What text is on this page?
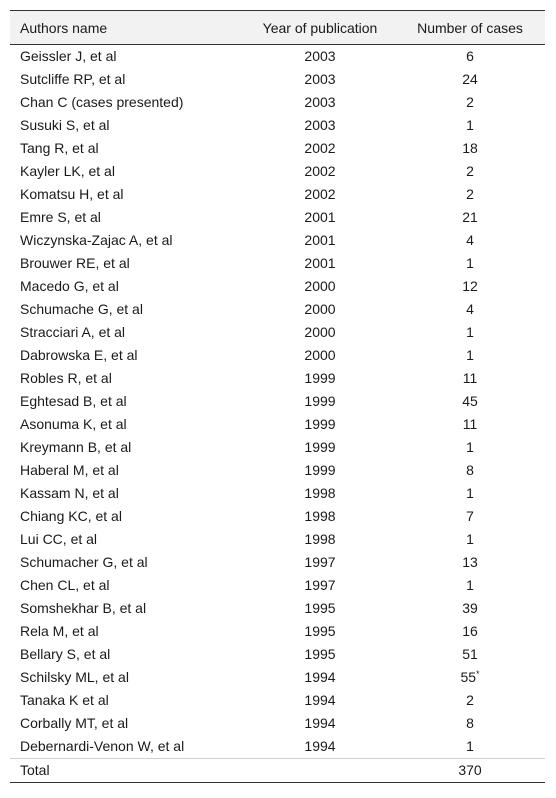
Authors name	Year of publication	Number of cases
Geissler J, et al	2003	6
Sutcliffe RP, et al	2003	24
Chan C (cases presented)	2003	2
Susuki S, et al	2003	1
Tang R, et al	2002	18
Kayler LK, et al	2002	2
Komatsu H, et al	2002	2
Emre S, et al	2001	21
Wiczynska-Zajac A, et al	2001	4
Brouwer RE, et al	2001	1
Macedo G, et al	2000	12
Schumache G, et al	2000	4
Stracciari A, et al	2000	1
Dabrowska E, et al	2000	1
Robles R, et al	1999	11
Eghtesad B, et al	1999	45
Asonuma K, et al	1999	11
Kreymann B, et al	1999	1
Haberal M, et al	1999	8
Kassam N, et al	1998	1
Chiang KC, et al	1998	7
Lui CC, et al	1998	1
Schumacher G, et al	1997	13
Chen CL, et al	1997	1
Somshekhar B, et al	1995	39
Rela M, et al	1995	16
Bellary S, et al	1995	51
Schilsky ML, et al	1994	55*
Tanaka K et al	1994	2
Corbally MT, et al	1994	8
Debernardi-Venon W, et al	1994	1
Total		370
